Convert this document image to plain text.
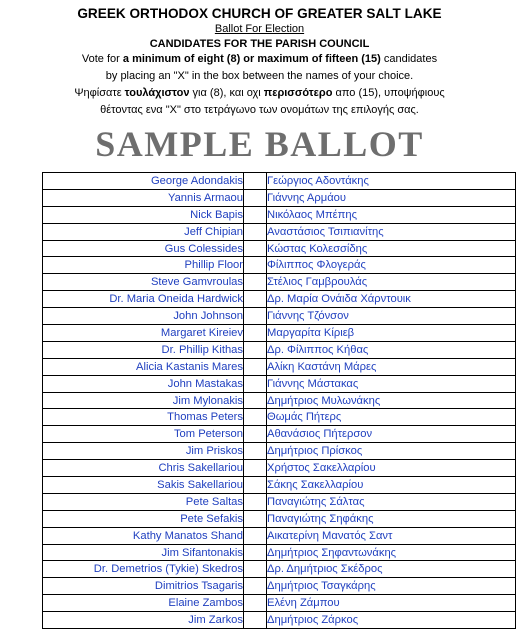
GREEK ORTHODOX CHURCH OF GREATER SALT LAKE
Ballot For Election
CANDIDATES FOR THE PARISH COUNCIL
Vote for a minimum of eight (8) or maximum of fifteen (15) candidates
by placing an "X" in the box between the names of your choice.
Ψηφίσατε τουλάχιστον για (8), και οχι περισσότερο απο (15), υποψήφιους
θέτοντας ενα "X" στο τετράγωνο των ονομάτων της επιλογής σας.
SAMPLE BALLOT
George Adondakis		Γεώργιος Αδοντάκης
Yannis Armaou		Γιάννης Αρμάου
Nick Bapis		Νικόλαος Μπέπης
Jeff Chipian		Αναστάσιος Τσιπιανίτης
Gus Colessides		Κώστας Κολεσσίδης
Phillip Floor		Φίλιππος Φλογεράς
Steve Gamvroulas		Στέλιος Γαμβρουλάς
Dr. Maria Oneida Hardwick		Δρ. Μαρία Ονάιδα Χάρντουικ
John Johnson		Γιάννης Τζόνσον
Margaret Kireiev		Μαργαρίτα Κίριεβ
Dr. Phillip Kithas		Δρ. Φίλιππος Κήθας
Alicia Kastanis Mares		Αλίκη Καστάνη Μάρες
John Mastakas		Γιάννης Μάστακας
Jim Mylonakis		Δημήτριος Μυλωνάκης
Thomas Peters		Θωμάς Πήτερς
Tom Peterson		Αθανάσιος Πήτερσον
Jim Priskos		Δημήτριος Πρίσκος
Chris Sakellariou		Χρήστος Σακελλαρίου
Sakis Sakellariou		Σάκης Σακελλαρίου
Pete Saltas		Παναγιώτης Σάλτας
Pete Sefakis		Παναγιώτης Σηφάκης
Kathy Manatos Shand		Αικατερίνη Μανατός Σαντ
Jim Sifantonakis		Δημήτριος Σηφαντωνάκης
Dr. Demetrios (Tykie) Skedros		Δρ. Δημήτριος Σκέδρος
Dimitrios Tsagaris		Δημήτριος Τσαγκάρης
Elaine Zambos		Ελένη Ζάμπου
Jim Zarkos		Δημήτριος Ζάρκος
